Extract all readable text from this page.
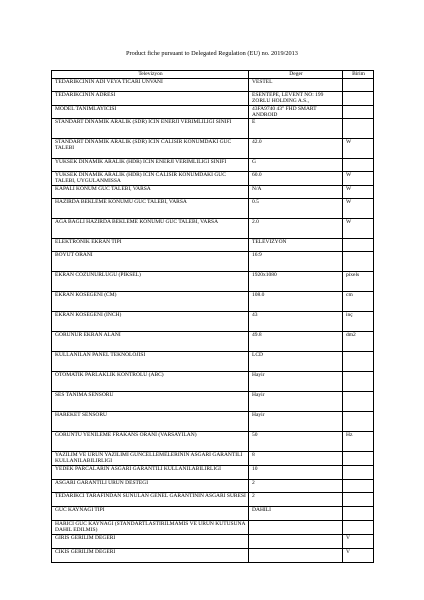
Product fiche pursuant to Delegated Regulation (EU) no. 2019/2013
Televizyon	Deger	Birim
TEDARIKCININ ADI VEYA TICARI UNVANI	VESTEL	
TEDARIKCININ ADRESI	ESENTEPE, LEVENT NO: 199 ZORLU HOLDING A.S.,	
MODEL TANIMLAYICISI	43FA9740 43" FHD SMART ANDROID	
STANDART DINAMIK ARALIK (SDR) ICIN ENERJI VERIMLILIGI SINIFI	E	
STANDART DINAMIK ARALIK (SDR) ICIN CALISIR KONUMDAKI GUC TALEBI	42.0	W
YUKSEK DINAMIK ARALIK (HDR) ICIN ENERJI VERIMLILIGI SINIFI	G	
YUKSEK DINAMIK ARALIK (HDR) ICIN CALISIR KONUMDAKI GUC TALEBI, UYGULANMISSA	60.0	W
KAPALI KONUM GUC TALEBI, VARSA	N/A	W
HAZIRDA BEKLEME KONUMU GUC TALEBI, VARSA	0.5	W
AGA BAGLI HAZIRDA BEKLEME KONUMU GUC TALEBI, VARSA	2.0	W
ELEKTRONIK EKRAN TIPI	TELEVIZYON	
BOYUT ORANI	16:9	
EKRAN COZUNURLUGU (PIKSEL)	1920x1080	pixels
EKRAN KOSEGENI (CM)	108.0	cm
EKRAN KOSEGENI (INCH)	43	inç
GORUNUR EKRAN ALANI	49.8	dm2
KULLANILAN PANEL TEKNOLOJISI	LCD	
OTOMATIK PARLAKLIK KONTROLU (ABC)	Hayir	
SES TANIMA SENSORU	Hayir	
HAREKET SENSORU	Hayir	
GORUNTU YENILEME FRAKANS ORANI (VARSAYILAN)	50	Hz
YAZILIM VE URUN YAZILIMI GUNCELLEMELERININ ASGARI GARANTILI KULLANILABILIRLIGI	8	
YEDEK PARCALARIN ASGARI GARANTILI KULLANILABILIRLIGI	10	
ASGARI GARANTILI URUN DESTEGI	2	
TEDARIKCI TARAFINDAN SUNULAN GENEL GARANTININ ASGARI SURESI	2	
GUC KAYNAGI TIPI	DAHILI	
HARICI GUC KAYNAGI (STANDARTLASTIRILMAMIS VE URUN KUTUSUNA DAHIL EDILMIS)		
GIRIS GERILIM DEGERI		V
CIKIS GERILIM DEGERI		V
